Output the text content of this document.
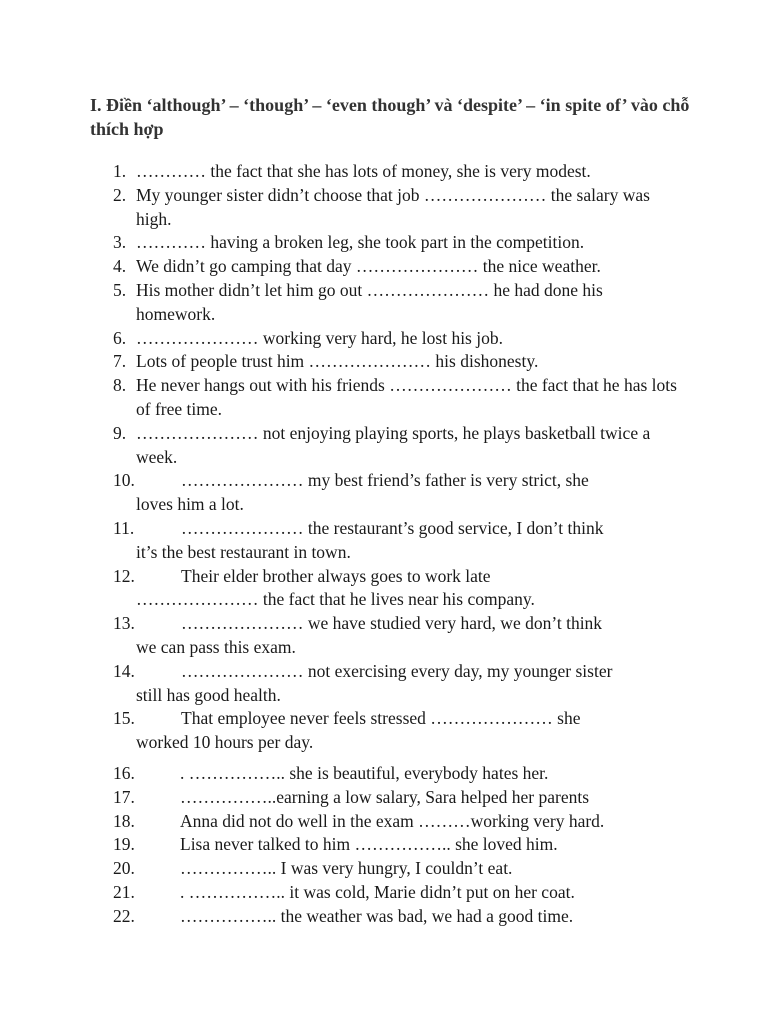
I. Điền ‘although’ – ‘though’ – ‘even though’ và ‘despite’ – ‘in spite of’ vào chỗ thích hợp
1. ………… the fact that she has lots of money, she is very modest.
2. My younger sister didn’t choose that job ………………… the salary was high.
3. ………… having a broken leg, she took part in the competition.
4. We didn’t go camping that day ………………… the nice weather.
5. His mother didn’t let him go out ………………… he had done his homework.
6. ………………… working very hard, he lost his job.
7. Lots of people trust him ………………… his dishonesty.
8. He never hangs out with his friends ………………… the fact that he has lots of free time.
9. ………………… not enjoying playing sports, he plays basketball twice a week.
10.	………………… my best friend’s father is very strict, she
loves him a lot.
11.	………………… the restaurant’s good service, I don’t think
it’s the best restaurant in town.
12.	Their elder brother always goes to work late
………………… the fact that he lives near his company.
13.	………………… we have studied very hard, we don’t think
we can pass this exam.
14.	………………… not exercising every day, my younger sister
still has good health.
15.	That employee never feels stressed ………………… she
worked 10 hours per day.
16.	. …………….. she is beautiful, everybody hates her.
17.	……………..earning a low salary, Sara helped her parents
18.	Anna did not do well in the exam ………working very hard.
19.	Lisa never talked to him …………….. she loved him.
20.	…………….. I was very hungry, I couldn’t eat.
21.	. …………….. it was cold, Marie didn’t put on her coat.
22.	…………….. the weather was bad, we had a good time.
